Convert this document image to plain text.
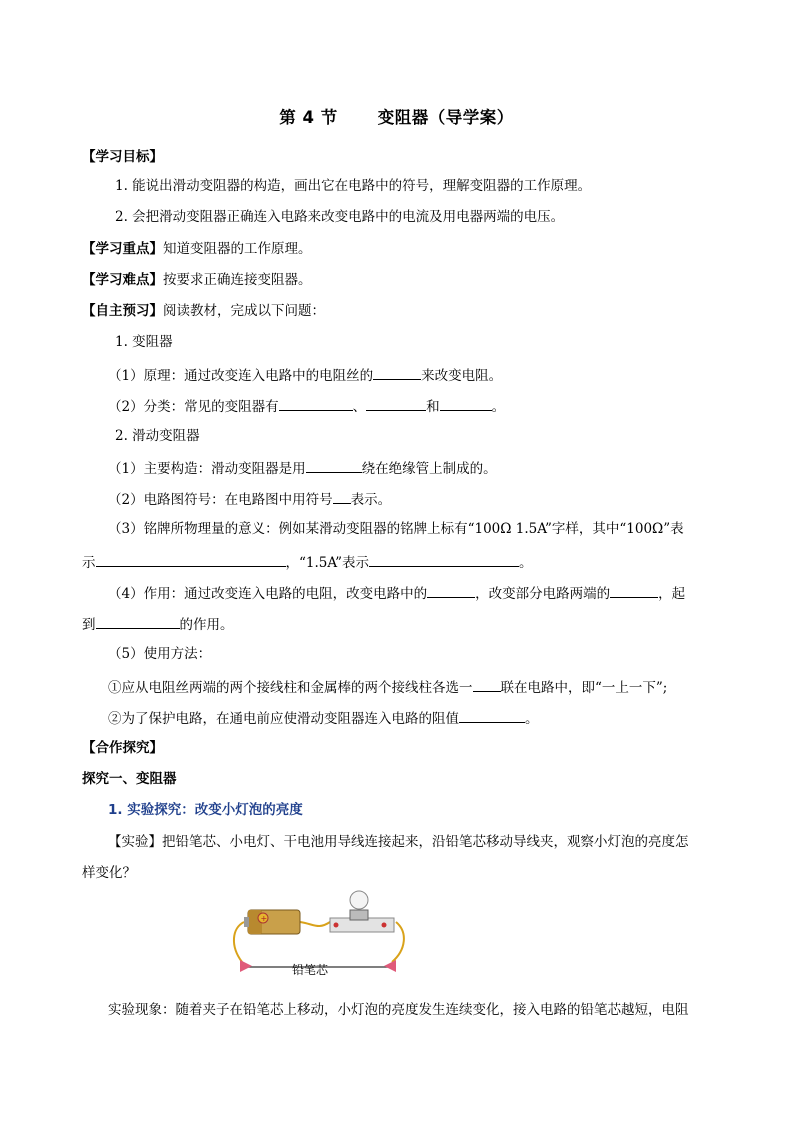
第 4 节 变阻器（导学案）
【学习目标】
1. 能说出滑动变阻器的构造，画出它在电路中的符号，理解变阻器的工作原理。
2. 会把滑动变阻器正确连入电路来改变电路中的电流及用电器两端的电压。
【学习重点】知道变阻器的工作原理。
【学习难点】按要求正确连接变阻器。
【自主预习】阅读教材，完成以下问题：
1. 变阻器
（1）原理：通过改变连入电路中的电阻丝的	来改变电阻。
（2）分类：常见的变阻器有	、	和	。
2. 滑动变阻器
（1）主要构造：滑动变阻器是用	绕在绝缘管上制成的。
（2）电路图符号：在电路图中用符号 表示。
（3）铭牌所物理量的意义：例如某滑动变阻器的铭牌上标有“100Ω 1.5A”字样，其中“100Ω”表
示	，“1.5A”表示	。
（4）作用：通过改变连入电路的电阻，改变电路中的	，改变部分电路两端的	，起
到	的作用。
（5）使用方法：
①应从电阻丝两端的两个接线柱和金属棒的两个接线柱各选一 联在电路中，即“一上一下”;
②为了保护电路，在通电前应使滑动变阻器连入电路的阻值	。
【合作探究】
探究一、变阻器
1. 实验探究：改变小灯泡的亮度
【实验】把铅笔芯、小电灯、干电池用导线连接起来，沿铅笔芯移动导线夹，观察小灯泡的亮度怎
样变化？
+
铅笔芯
实验现象：随着夹子在铅笔芯上移动，小灯泡的亮度发生连续变化，接入电路的铅笔芯越短，电阻
